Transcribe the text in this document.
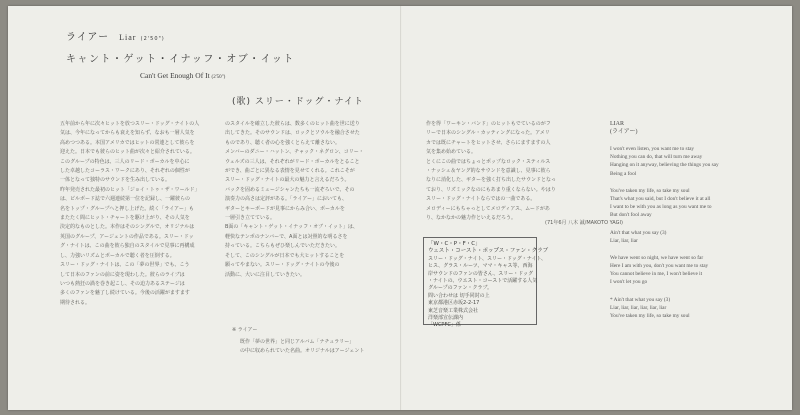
ライアー Liar (2'50")
キャント・ゲット・イナッフ・オブ・イット
Can't Get Enough Of It (2'50")
(歌) スリー・ドッグ・ナイト
五年前から年に次々ヒットを放つスリー・ドッグ・ナイトの人
気は、今年になってからも衰えを知らず、なおも一層人気を
高めつつある。本国アメリカではヒットの常連として彼らを
迎えた。日本でも彼らのヒット曲が次々と紹介されている。
このグループの特色は、三人のリード・ボーカルを中心に
した卓越したコーラス・ワークにあり、それぞれの個性が
一体となって独特のサウンドを生み出している。
昨年発売された最初のヒット「ジョイ・トゥ・ザ・ワールド」
は、ビルボード誌で六週連続第一位を記録し、一躍彼らの
名をトップ・グループへと押し上げた。続く「ライアー」も
またたく間にヒット・チャートを駆け上がり、その人気を
決定的なものとした。本作はそのシングルで、オリジナルは
英国のグループ、アージェントの作品である。スリー・ドッ
グ・ナイトは、この曲を彼ら独自のスタイルで見事に再構成
し、力強いリズムとボーカルで聴く者を圧倒する。
スリー・ドッグ・ナイトは、この「夢の世界」でも、こう
して日本のファンの前に姿を現わした。彼らのライブは
いつも熱狂の渦を巻き起こし、その迫力あるステージは
多くのファンを魅了し続けている。今後の活躍がますます
期待される。
のスタイルを確立した彼らは、数多くのヒット曲を世に送り
出してきた。そのサウンドは、ロックとソウルを融合させた
ものであり、聴く者の心を強くとらえて離さない。
メンバーのダニー・ハットン、チャック・ネグロン、コリー・
ウェルズの三人は、それぞれがリード・ボーカルをとること
ができ、曲ごとに異なる表情を見せてくれる。これこそが
スリー・ドッグ・ナイトの最大の魅力と言えるだろう。
バックを固めるミュージシャンたちも一流ぞろいで、その
演奏力の高さは定評がある。「ライアー」においても、
ギターとキーボードが見事にからみ合い、ボーカルを
一層引き立てている。
B面の「キャント・ゲット・イナッフ・オブ・イット」は、
軽快なテンポのナンバーで、A面とは対照的な明るさを
持っている。こちらもぜひ楽しんでいただきたい。
そして、このシングルが日本でも大ヒットすることを
願ってやまない。スリー・ドッグ・ナイトの今後の
活動に、大いに注目していきたい。
※ ライアー
既作「夢の世界」と同じアルバム「ナチュラリー」
の中に収められていた名曲。オリジナルはアージェント
作を得「ワーキン・バンド」のヒットもでているのがフ
リーで日本のシングル・カッティングになった。アメリ
カでは既にチャートをヒットさせ、さらにますますの人
気を集め始めている。
とくにこの曲ではちょっとポップなロック・スティルス
・ナッシュ＆ヤング的なサウンドを意識し、見事に彼ら
なりに消化した、ギターを強く打ち出したサウンドとなっ
ており、リズミックなのにもあまり重くならない。やはり
スリー・ドッグ・ナイトならではの一曲である。
メロディーにもちゃっとしてメロディアス、ムードがあ
り、なかなかの魅力作といえるだろう。
(71年6月 八木 誠/MAKOTO YAGI)
「W・C・P・F・C」
ウェスト・コースト・ポップス・ファン・クラブ
スリー・ドッグ・ナイト、スリー・ドッグ・ナイト、
ヒス、グラス・ルーツ、ママ・キャス等、西海
岸サウンドのファンの皆さん、スリー・ドッグ
・ナイトの、ウエスト・コーストで活躍する人気
グループのファン・クラブ。
問い合わせは 切手同封の上
東京都港区赤坂2-2-17
東芝音楽工業株式会社
洋楽部宣伝課内
「WCPFC」係
LIAR
(ライアー)
I won't even listen, you want me to stay
Nothing you can do, that will turn me away
Hanging on it anyway, believing the things you say
Being a fool
You've taken my life, so take my soul
That's what you said, but I don't believe it at all
I want to be with you as long as you want me to
But don't fool away
Ain't that what you say (3)
Liar, liar, liar
We have went so night, we have went so far
Here I am with you, don't you want me to stay
You cannot believe in me, I won't believe it
I won't let you go
* Ain't that what you say (3)
Liar, liar, liar, liar, liar, liar
You've taken my life, so take my soul
